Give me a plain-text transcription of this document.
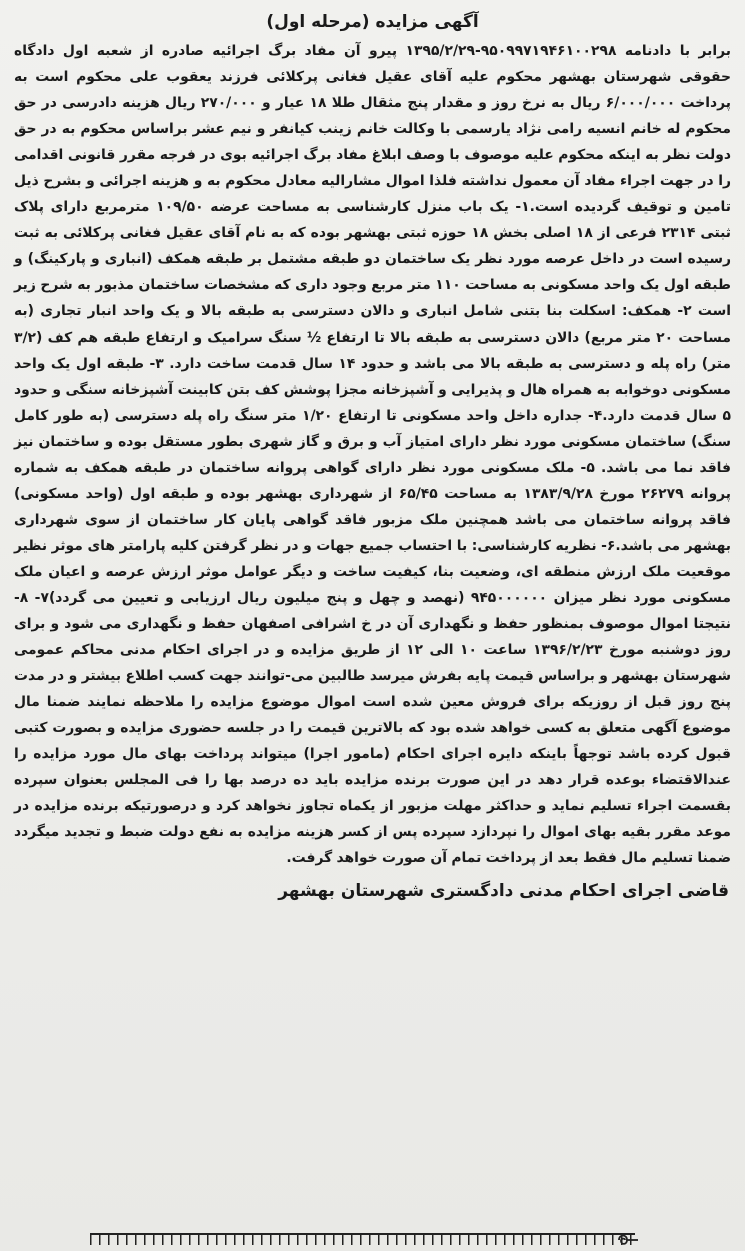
آگهی مزایده (مرحله اول)
برابر با دادنامه ۹۵۰۹۹۷۱۹۴۶۱۰۰۲۹۸-۱۳۹۵/۲/۲۹ پیرو آن مفاد برگ اجرائیه صادره از شعبه اول دادگاه حقوقی شهرستان بهشهر محکوم علیه آقای عقیل فغانی پرکلائی فرزند یعقوب علی محکوم است به پرداخت ۶/۰۰۰/۰۰۰ ریال به نرخ روز و مقدار پنج مثقال طلا ۱۸ عیار و ۲۷۰/۰۰۰ ریال هزینه دادرسی در حق محکوم له خانم انسیه رامی نژاد یارسمی با وکالت خانم زینب کیانفر و نیم عشر براساس محکوم به در حق دولت نظر به اینکه محکوم علیه موصوف با وصف ابلاغ مفاد برگ اجرائیه بوی در فرجه مقرر قانونی اقدامی را در جهت اجراء مفاد آن معمول نداشته فلذا اموال مشارالیه معادل محکوم به و هزینه اجرائی و بشرح ذیل تامین و توقیف گردیده است.۱- یک باب منزل کارشناسی به مساحت عرضه ۱۰۹/۵۰ مترمربع دارای پلاک ثبتی ۲۳۱۴ فرعی از ۱۸ اصلی بخش ۱۸ حوزه ثبتی بهشهر بوده که به نام آقای عقیل فغانی پرکلائی به ثبت رسیده است در داخل عرصه مورد نظر یک ساختمان دو طبقه مشتمل بر طبقه همکف (انباری و پارکینگ) و طبقه اول یک واحد مسکونی به مساحت ۱۱۰ متر مربع وجود داری که مشخصات ساختمان مذبور به شرح زیر است ۲- همکف: اسکلت بنا بتنی شامل انباری و دالان دسترسی به طبقه بالا و یک واحد انبار تجاری (به مساحت ۲۰ متر مربع) دالان دسترسی به طبقه بالا تا ارتفاع ½ سنگ سرامیک و ارتفاع طبقه هم کف (۳/۲ متر) راه پله و دسترسی به طبقه بالا می باشد و حدود ۱۴ سال قدمت ساخت دارد. ۳- طبقه اول یک واحد مسکونی دوخوابه به همراه هال و پذیرایی و آشپزخانه مجزا پوشش کف بتن کابینت آشپزخانه سنگی و حدود ۵ سال قدمت دارد.۴- جداره داخل واحد مسکونی تا ارتفاع ۱/۲۰ متر سنگ راه پله دسترسی (به طور کامل سنگ) ساختمان مسکونی مورد نظر دارای امتیاز آب و برق و گاز شهری بطور مستقل بوده و ساختمان نیز فاقد نما می باشد. ۵- ملک مسکونی مورد نظر دارای گواهی پروانه ساختمان در طبقه همکف به شماره پروانه ۲۶۲۷۹ مورخ ۱۳۸۳/۹/۲۸ به مساحت ۶۵/۴۵ از شهرداری بهشهر بوده و طبقه اول (واحد مسکونی) فاقد پروانه ساختمان می باشد همچنین ملک مزبور فاقد گواهی پایان کار ساختمان از سوی شهرداری بهشهر می باشد.۶- نظریه کارشناسی: با احتساب جمیع جهات و در نظر گرفتن کلیه پارامتر های موثر نظیر موقعیت ملک ارزش منطقه ای، وضعیت بنا، کیفیت ساخت و دیگر عوامل موثر ارزش عرصه و اعیان ملک مسکونی مورد نظر میزان ۹۴۵۰۰۰۰۰۰ (نهصد و چهل و پنج میلیون ریال ارزیابی و تعیین می گردد)۷- ۸- نتیجتا اموال موصوف بمنظور حفظ و نگهداری آن در خ اشرافی اصفهان حفظ و نگهداری می شود و برای روز دوشنبه مورخ ۱۳۹۶/۲/۲۳ ساعت ۱۰ الی ۱۲ از طریق مزایده و در اجرای احکام مدنی محاکم عمومی شهرستان بهشهر و براساس قیمت پایه بفرش میرسد طالبین می-توانند جهت کسب اطلاع بیشتر و در مدت پنج روز قبل از روزیکه برای فروش معین شده است اموال موضوع مزایده را ملاحظه نمایند ضمنا مال موضوع آگهی متعلق به کسی خواهد شده بود که بالاترین قیمت را در جلسه حضوری مزایده و بصورت کتبی قبول کرده باشد توجهاً باینکه دایره اجرای احکام (مامور اجرا) میتواند پرداخت بهای مال مورد مزایده را عندالاقتضاء بوعده قرار دهد در این صورت برنده مزایده باید ده درصد بها را فی المجلس بعنوان سپرده بقسمت اجراء تسلیم نماید و حداکثر مهلت مزبور از یکماه تجاوز نخواهد کرد و درصورتیکه برنده مزایده در موعد مقرر بقیه بهای اموال را نپردازد سپرده پس از کسر هزینه مزایده به نفع دولت ضبط و تجدید میگردد ضمنا تسلیم مال فقط بعد از پرداخت تمام آن صورت خواهد گرفت.
قاضی اجرای احکام مدنی دادگستری شهرستان بهشهر
